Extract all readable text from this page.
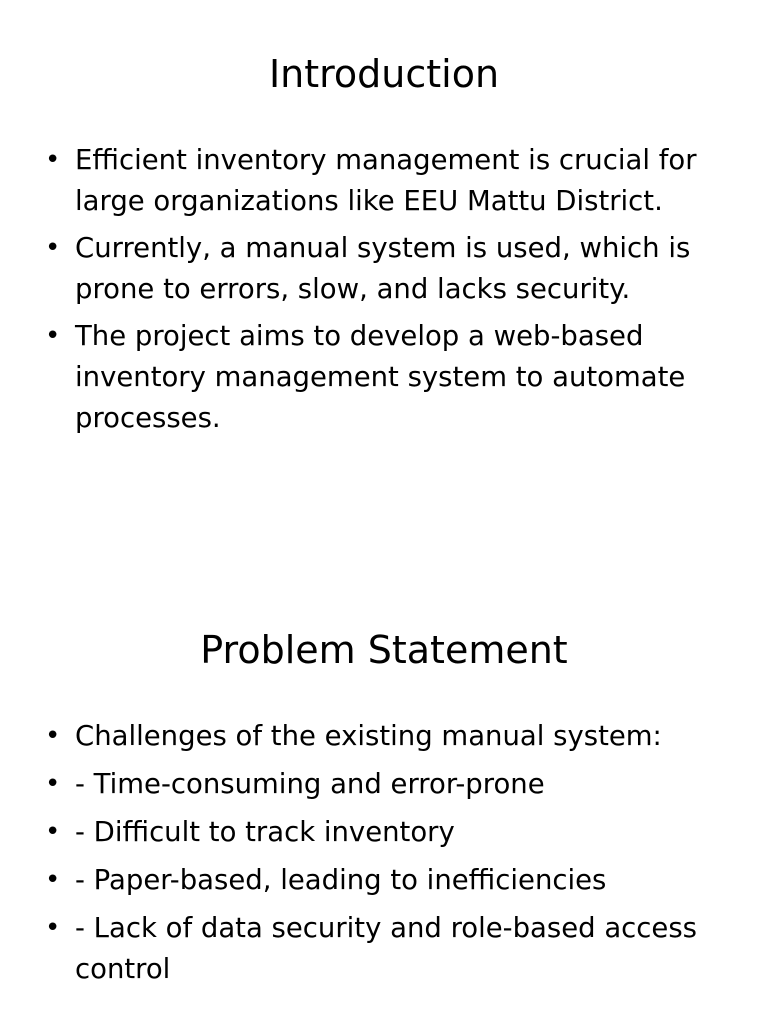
Introduction
• Efficient inventory management is crucial for large organizations like EEU Mattu District.
• Currently, a manual system is used, which is prone to errors, slow, and lacks security.
• The project aims to develop a web-based inventory management system to automate processes.
Problem Statement
• Challenges of the existing manual system:
• - Time-consuming and error-prone
• - Difficult to track inventory
• - Paper-based, leading to inefficiencies
• - Lack of data security and role-based access control
